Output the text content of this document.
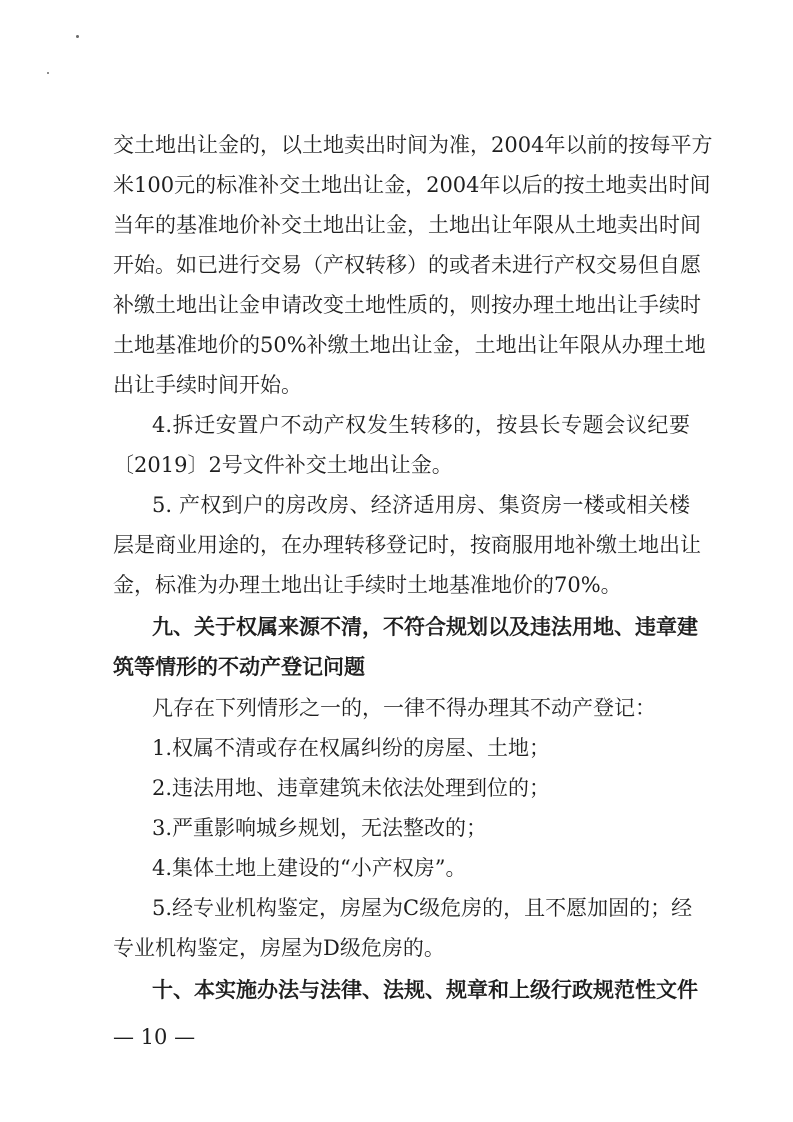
交土地出让金的，以土地卖出时间为准，2004年以前的按每平方
米100元的标准补交土地出让金，2004年以后的按土地卖出时间
当年的基准地价补交土地出让金，土地出让年限从土地卖出时间
开始。如已进行交易（产权转移）的或者未进行产权交易但自愿
补缴土地出让金申请改变土地性质的，则按办理土地出让手续时
土地基准地价的50%补缴土地出让金，土地出让年限从办理土地
出让手续时间开始。
4.拆迁安置户不动产权发生转移的，按县长专题会议纪要
〔2019〕2号文件补交土地出让金。
5. 产权到户的房改房、经济适用房、集资房一楼或相关楼
层是商业用途的，在办理转移登记时，按商服用地补缴土地出让
金，标准为办理土地出让手续时土地基准地价的70%。
九、关于权属来源不清，不符合规划以及违法用地、违章建
筑等情形的不动产登记问题
凡存在下列情形之一的，一律不得办理其不动产登记：
1.权属不清或存在权属纠纷的房屋、土地；
2.违法用地、违章建筑未依法处理到位的；
3.严重影响城乡规划，无法整改的；
4.集体土地上建设的“小产权房”。
5.经专业机构鉴定，房屋为C级危房的，且不愿加固的；经
专业机构鉴定，房屋为D级危房的。
十、本实施办法与法律、法规、规章和上级行政规范性文件
— 10 —
